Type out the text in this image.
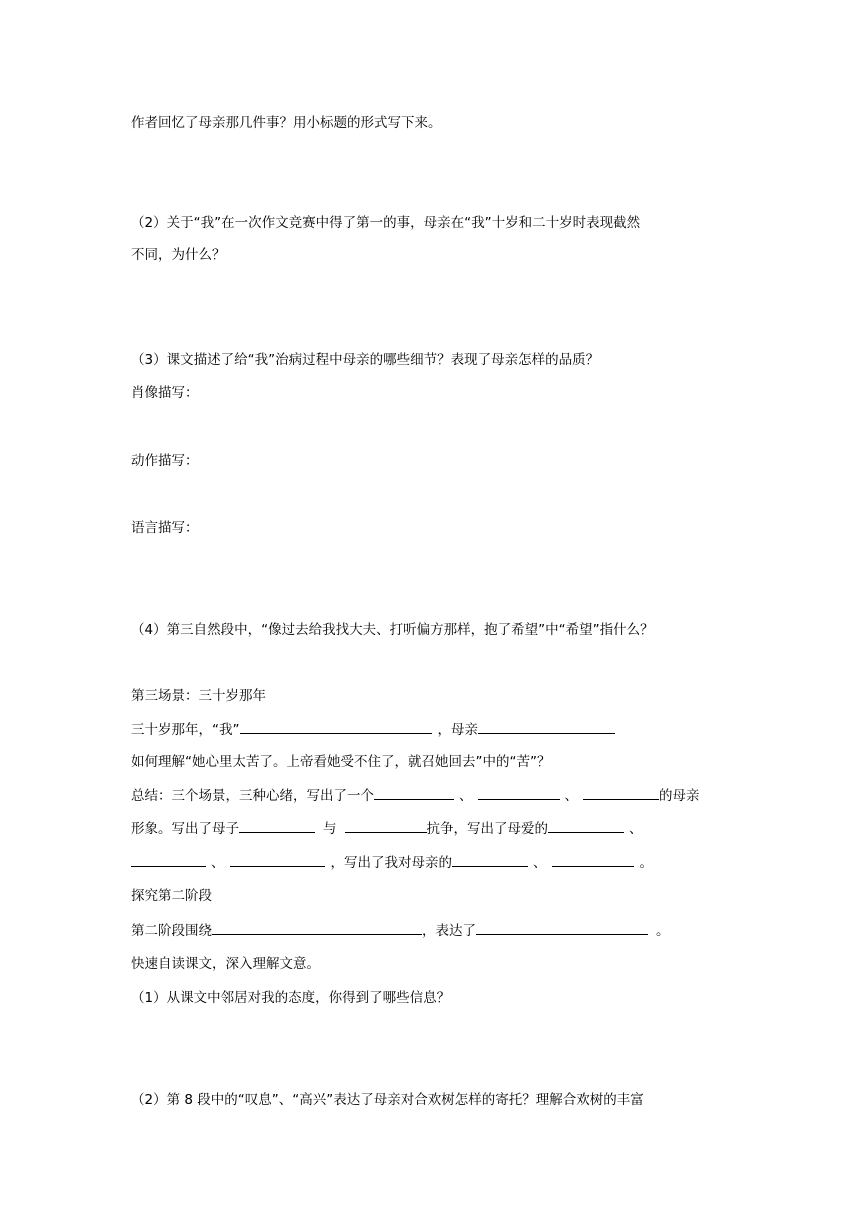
作者回忆了母亲那几件事？用小标题的形式写下来。
（2）关于“我”在一次作文竞赛中得了第一的事，母亲在“我”十岁和二十岁时表现截然
不同，为什么？
（3）课文描述了给“我”治病过程中母亲的哪些细节？表现了母亲怎样的品质？
肖像描写：
动作描写：
语言描写：
（4）第三自然段中，“像过去给我找大夫、打听偏方那样，抱了希望”中“希望”指什么？
第三场景：三十岁那年
三十岁那年，“我”	，母亲
如何理解“她心里太苦了。上帝看她受不住了，就召她回去”中的“苦”？
总结：三个场景，三种心绪，写出了一个	、	、	的母亲
形象。写出了母子	与	抗争，写出了母爱的	、
、	，写出了我对母亲的	、	。
探究第二阶段
第二阶段围绕	，表达了	。
快速自读课文，深入理解文意。
（1）从课文中邻居对我的态度，你得到了哪些信息？
（2）第 8 段中的“叹息”、“高兴”表达了母亲对合欢树怎样的寄托？理解合欢树的丰富
